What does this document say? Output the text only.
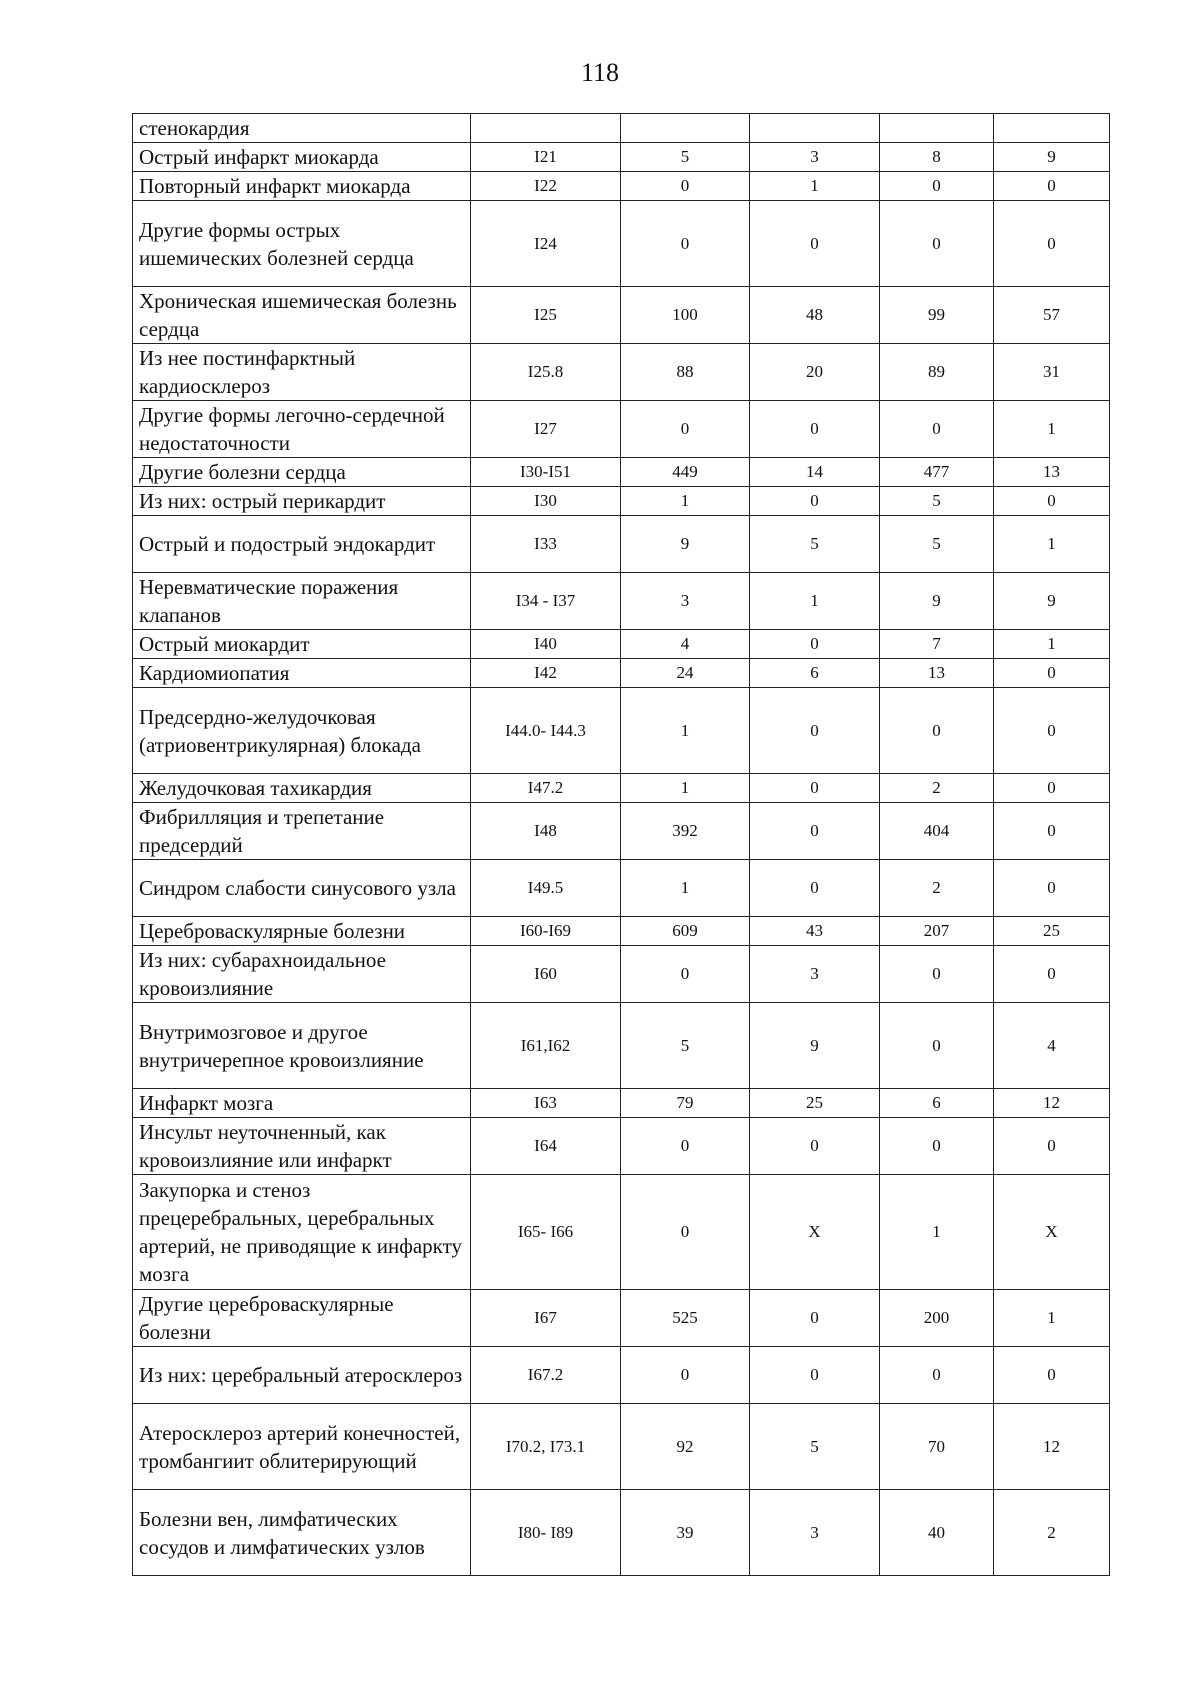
118
стенокардия					
Острый инфаркт миокарда	I21	5	3	8	9
Повторный инфаркт миокарда	I22	0	1	0	0
Другие формы острых ишемических болезней сердца	I24	0	0	0	0
Хроническая ишемическая болезнь сердца	I25	100	48	99	57
Из нее постинфарктный кардиосклероз	I25.8	88	20	89	31
Другие формы легочно-сердечной недостаточности	I27	0	0	0	1
Другие болезни сердца	I30-I51	449	14	477	13
Из них: острый перикардит	I30	1	0	5	0
Острый и подострый эндокардит	I33	9	5	5	1
Неревматические поражения клапанов	I34 - I37	3	1	9	9
Острый миокардит	I40	4	0	7	1
Кардиомиопатия	I42	24	6	13	0
Предсердно-желудочковая (атриовентрикулярная) блокада	I44.0- I44.3	1	0	0	0
Желудочковая тахикардия	I47.2	1	0	2	0
Фибрилляция и трепетание предсердий	I48	392	0	404	0
Синдром слабости синусового узла	I49.5	1	0	2	0
Цереброваскулярные болезни	I60-I69	609	43	207	25
Из них: субарахноидальное кровоизлияние	I60	0	3	0	0
Внутримозговое и другое внутричерепное кровоизлияние	I61,I62	5	9	0	4
Инфаркт мозга	I63	79	25	6	12
Инсульт неуточненный, как кровоизлияние или инфаркт	I64	0	0	0	0
Закупорка и стеноз прецеребральных, церебральных артерий, не приводящие к инфаркту мозга	I65- I66	0	X	1	X
Другие цереброваскулярные болезни	I67	525	0	200	1
Из них: церебральный атеросклероз	I67.2	0	0	0	0
Атеросклероз артерий конечностей, тромбангиит облитерирующий	I70.2, I73.1	92	5	70	12
Болезни вен, лимфатических сосудов и лимфатических узлов	I80- I89	39	3	40	2
